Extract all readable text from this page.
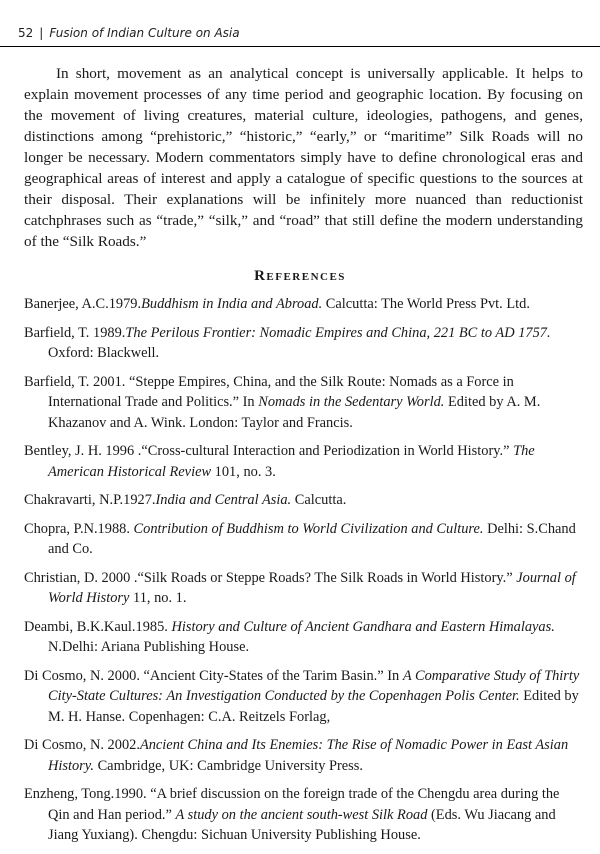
52 | Fusion of Indian Culture on Asia

In short, movement as an analytical concept is universally applicable. It helps to explain movement processes of any time period and geographic location. By focusing on the movement of living creatures, material culture, ideologies, pathogens, and genes, distinctions among “prehistoric,” “historic,” “early,” or “maritime” Silk Roads will no longer be necessary. Modern commentators simply have to define chronological eras and geographical areas of interest and apply a catalogue of specific questions to the sources at their disposal. Their explanations will be infinitely more nuanced than reductionist catchphrases such as “trade,” “silk,” and “road” that still define the modern understanding of the “Silk Roads.”

References

Banerjee, A.C.1979.Buddhism in India and Abroad. Calcutta: The World Press Pvt. Ltd.

Barfield, T. 1989.The Perilous Frontier: Nomadic Empires and China, 221 BC to AD 1757. Oxford: Blackwell.

Barfield, T. 2001. “Steppe Empires, China, and the Silk Route: Nomads as a Force in International Trade and Politics.” In Nomads in the Sedentary World. Edited by A. M. Khazanov and A. Wink. London: Taylor and Francis.

Bentley, J. H. 1996 .“Cross-cultural Interaction and Periodization in World History.” The American Historical Review 101, no. 3.

Chakravarti, N.P.1927.India and Central Asia. Calcutta.

Chopra, P.N.1988. Contribution of Buddhism to World Civilization and Culture. Delhi: S.Chand and Co.

Christian, D. 2000 .“Silk Roads or Steppe Roads? The Silk Roads in World History.” Journal of World History 11, no. 1.

Deambi, B.K.Kaul.1985. History and Culture of Ancient Gandhara and Eastern Himalayas. N.Delhi: Ariana Publishing House.

Di Cosmo, N. 2000. “Ancient City-States of the Tarim Basin.” In A Comparative Study of Thirty City-State Cultures: An Investigation Conducted by the Copenhagen Polis Center. Edited by M. H. Hanse. Copenhagen: C.A. Reitzels Forlag,

Di Cosmo, N. 2002.Ancient China and Its Enemies: The Rise of Nomadic Power in East Asian History. Cambridge, UK: Cambridge University Press.

Enzheng, Tong.1990. “A brief discussion on the foreign trade of the Chengdu area during the Qin and Han period.” A study on the ancient south-west Silk Road (Eds. Wu Jiacang and Jiang Yuxiang). Chengdu: Sichuan University Publishing House.
